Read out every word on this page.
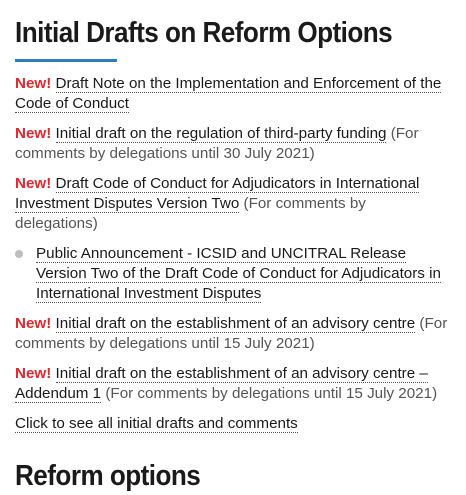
Initial Drafts on Reform Options
New! Draft Note on the Implementation and Enforcement of the Code of Conduct
New! Initial draft on the regulation of third-party funding (For comments by delegations until 30 July 2021)
New! Draft Code of Conduct for Adjudicators in International Investment Disputes Version Two (For comments by delegations)
Public Announcement - ICSID and UNCITRAL Release Version Two of the Draft Code of Conduct for Adjudicators in International Investment Disputes
New! Initial draft on the establishment of an advisory centre (For comments by delegations until 15 July 2021)
New! Initial draft on the establishment of an advisory centre – Addendum 1 (For comments by delegations until 15 July 2021)
Click to see all initial drafts and comments
Reform options
